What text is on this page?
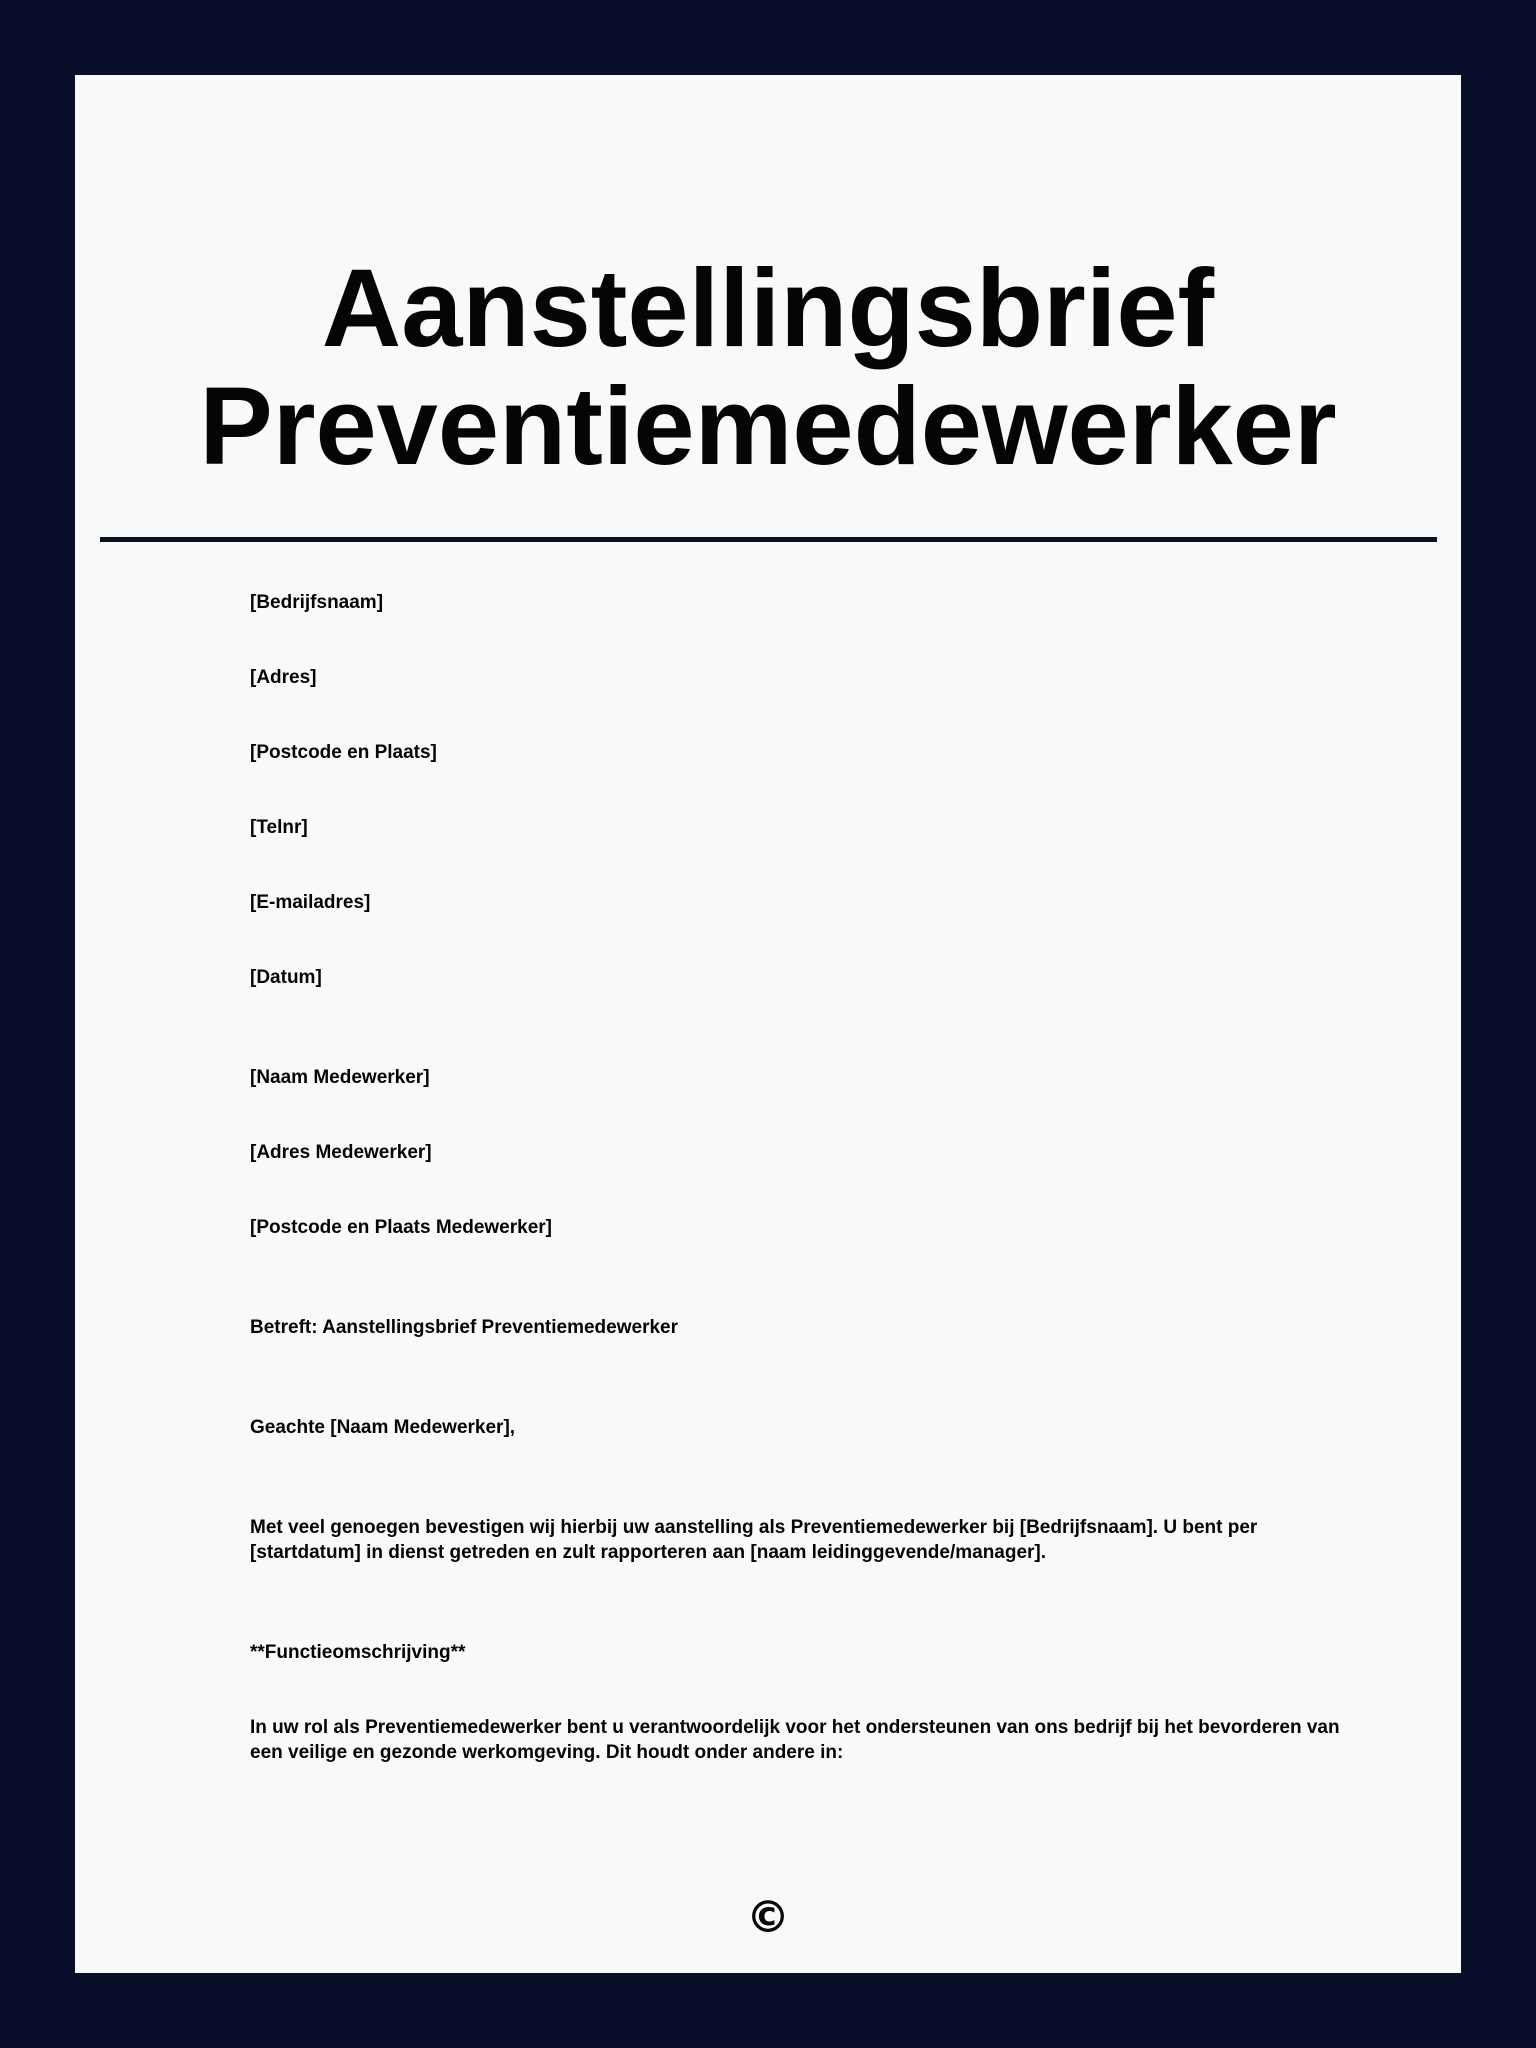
Aanstellingsbrief
Preventiemedewerker

[Bedrijfsnaam]

[Adres]

[Postcode en Plaats]

[Telnr]

[E-mailadres]

[Datum]

[Naam Medewerker]

[Adres Medewerker]

[Postcode en Plaats Medewerker]

Betreft: Aanstellingsbrief Preventiemedewerker

Geachte [Naam Medewerker],

Met veel genoegen bevestigen wij hierbij uw aanstelling als Preventiemedewerker bij [Bedrijfsnaam]. U bent per [startdatum] in dienst getreden en zult rapporteren aan [naam leidinggevende/manager].

**Functieomschrijving**

In uw rol als Preventiemedewerker bent u verantwoordelijk voor het ondersteunen van ons bedrijf bij het bevorderen van een veilige en gezonde werkomgeving. Dit houdt onder andere in:

©
